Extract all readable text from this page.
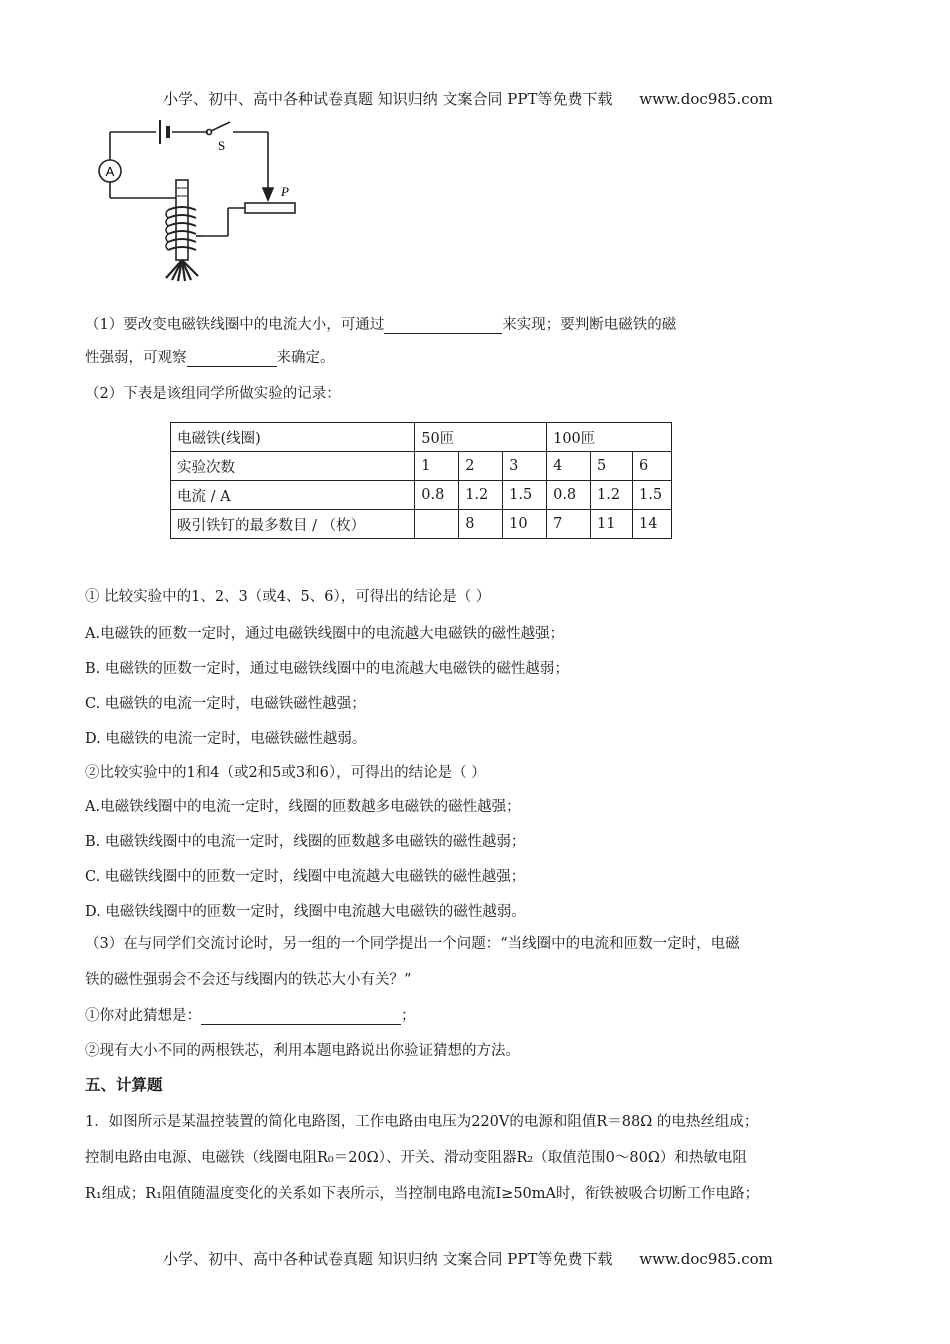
小学、初中、高中各种试卷真题 知识归纳 文案合同 PPT等免费下载 www.doc985.com
A
S
P
（1）要改变电磁铁线圈中的电流大小，可通过	来实现；要判断电磁铁的磁
性强弱，可观察	来确定。
（2）下表是该组同学所做实验的记录：
电磁铁(线圈)	50匝			100匝		
实验次数	1	2	3	4	5	6
电流 / A	0.8	1.2	1.5	0.8	1.2	1.5
吸引铁钉的最多数目 / （枚）		8	10	7	11	14
① 比较实验中的1、2、3（或4、5、6），可得出的结论是（ ）
A.电磁铁的匝数一定时，通过电磁铁线圈中的电流越大电磁铁的磁性越强；
B. 电磁铁的匝数一定时，通过电磁铁线圈中的电流越大电磁铁的磁性越弱；
C. 电磁铁的电流一定时，电磁铁磁性越强；
D. 电磁铁的电流一定时，电磁铁磁性越弱。
②比较实验中的1和4（或2和5或3和6），可得出的结论是（ ）
A.电磁铁线圈中的电流一定时，线圈的匝数越多电磁铁的磁性越强；
B. 电磁铁线圈中的电流一定时，线圈的匝数越多电磁铁的磁性越弱；
C. 电磁铁线圈中的匝数一定时，线圈中电流越大电磁铁的磁性越强；
D. 电磁铁线圈中的匝数一定时，线圈中电流越大电磁铁的磁性越弱。
（3）在与同学们交流讨论时，另一组的一个同学提出一个问题：“当线圈中的电流和匝数一定时，电磁
铁的磁性强弱会不会还与线圈内的铁芯大小有关？”
①你对此猜想是：	；
②现有大小不同的两根铁芯，利用本题电路说出你验证猜想的方法。
五、计算题
1．如图所示是某温控装置的简化电路图，工作电路由电压为220V的电源和阻值R＝88Ω 的电热丝组成；
控制电路由电源、电磁铁（线圈电阻R₀＝20Ω）、开关、滑动变阻器R₂（取值范围0～80Ω）和热敏电阻
R₁组成；R₁阻值随温度变化的关系如下表所示，当控制电路电流I≥50mA时，衔铁被吸合切断工作电路；
小学、初中、高中各种试卷真题 知识归纳 文案合同 PPT等免费下载 www.doc985.com
